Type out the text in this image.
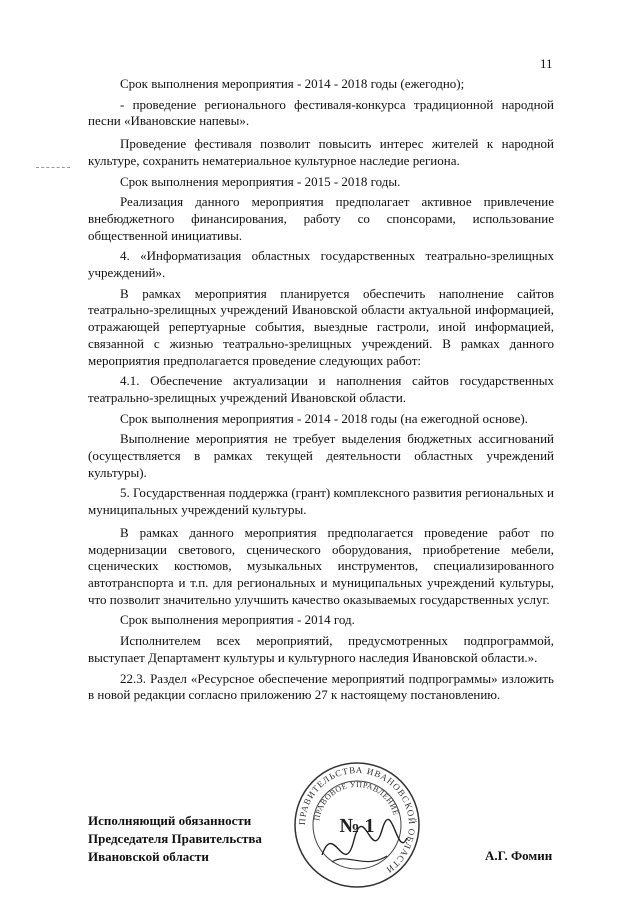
11

Срок выполнения мероприятия - 2014 - 2018 годы (ежегодно);

- проведение регионального фестиваля-конкурса традиционной народной песни «Ивановские напевы».

Проведение фестиваля позволит повысить интерес жителей к народной культуре, сохранить нематериальное культурное наследие региона.

Срок выполнения мероприятия - 2015 - 2018 годы.

Реализация данного мероприятия предполагает активное привлечение внебюджетного финансирования, работу со спонсорами, использование общественной инициативы.

4. «Информатизация областных государственных театрально-зрелищных учреждений».

В рамках мероприятия планируется обеспечить наполнение сайтов театрально-зрелищных учреждений Ивановской области актуальной информацией, отражающей репертуарные события, выездные гастроли, иной информацией, связанной с жизнью театрально-зрелищных учреждений. В рамках данного мероприятия предполагается проведение следующих работ:

4.1. Обеспечение актуализации и наполнения сайтов государственных театрально-зрелищных учреждений Ивановской области.

Срок выполнения мероприятия - 2014 - 2018 годы (на ежегодной основе).

Выполнение мероприятия не требует выделения бюджетных ассигнований (осуществляется в рамках текущей деятельности областных учреждений культуры).

5. Государственная поддержка (грант) комплексного развития региональных и муниципальных учреждений культуры.

В рамках данного мероприятия предполагается проведение работ по модернизации светового, сценического оборудования, приобретение мебели, сценических костюмов, музыкальных инструментов, специализированного автотранспорта и т.п. для региональных и муниципальных учреждений культуры, что позволит значительно улучшить качество оказываемых государственных услуг.

Срок выполнения мероприятия - 2014 год.

Исполнителем всех мероприятий, предусмотренных подпрограммой, выступает Департамент культуры и культурного наследия Ивановской области.».

22.3. Раздел «Ресурсное обеспечение мероприятий подпрограммы» изложить в новой редакции согласно приложению 27 к настоящему постановлению.

Исполняющий обязанности
Председателя Правительства
Ивановской области	А.Г. Фомин
ПРАВИТЕЛЬСТВА ИВАНОВСКОЙ ОБЛАСТИ
ПРАВОВОЕ УПРАВЛЕНИЕ
№ 1
